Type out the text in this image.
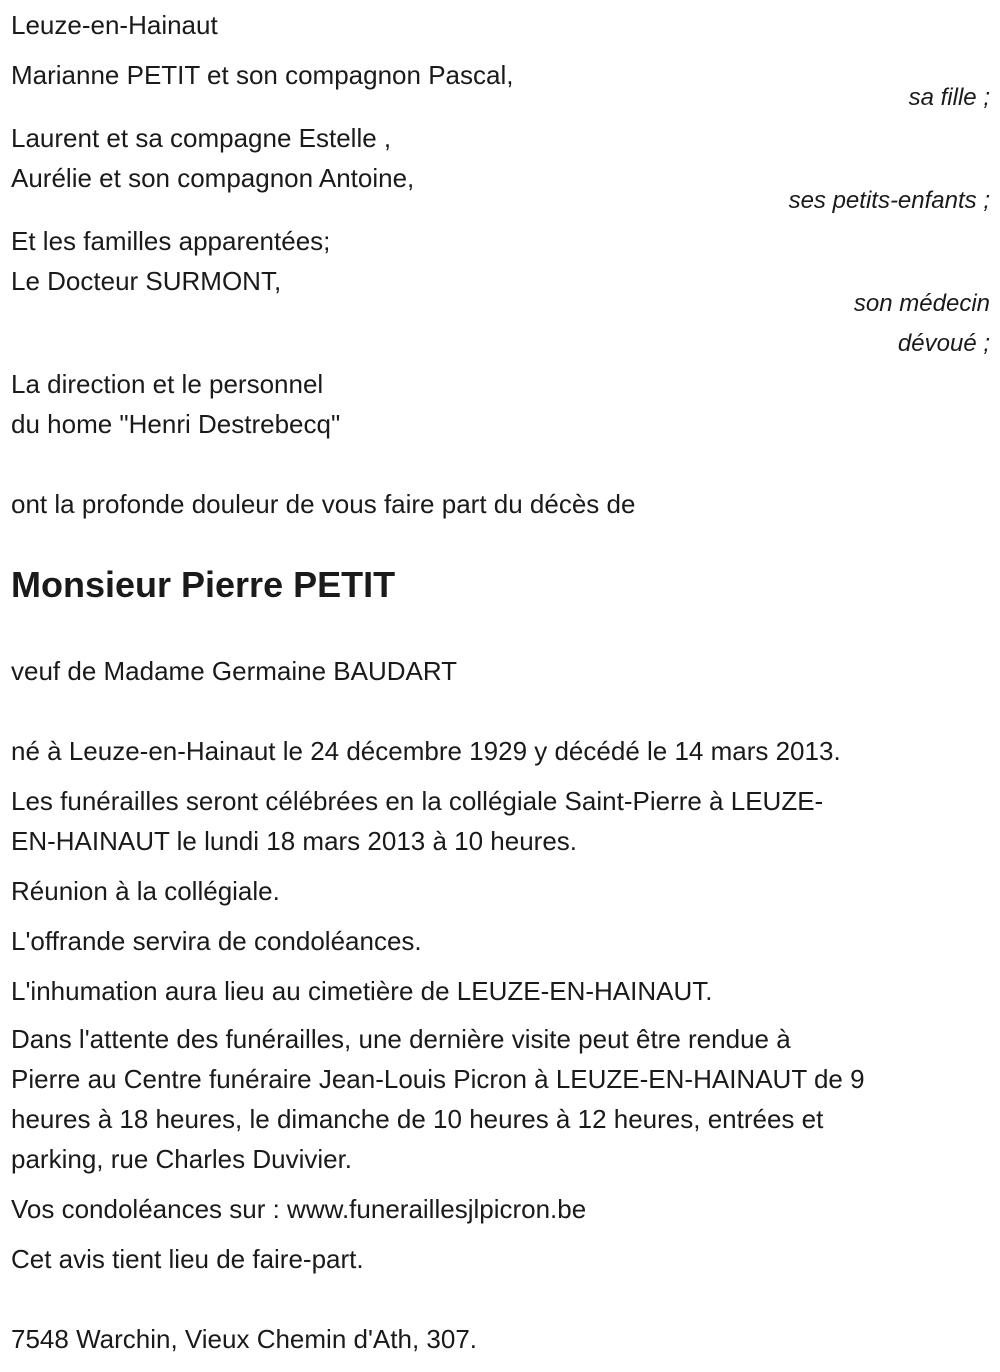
Leuze-en-Hainaut
Marianne PETIT et son compagnon Pascal,
sa fille ;
Laurent et sa compagne Estelle ,
Aurélie et son compagnon Antoine,
ses petits-enfants ;
Et les familles apparentées;
Le Docteur SURMONT,
son médecin
dévoué ;
La direction et le personnel
du home "Henri Destrebecq"
ont la profonde douleur de vous faire part du décès de
Monsieur Pierre PETIT
veuf de Madame Germaine BAUDART
né à Leuze-en-Hainaut le 24 décembre 1929 y décédé le 14 mars 2013.
Les funérailles seront célébrées en la collégiale Saint-Pierre à LEUZE-
EN-HAINAUT le lundi 18 mars 2013 à 10 heures.
Réunion à la collégiale.
L'offrande servira de condoléances.
L'inhumation aura lieu au cimetière de LEUZE-EN-HAINAUT.
Dans l'attente des funérailles, une dernière visite peut être rendue à
Pierre au Centre funéraire Jean-Louis Picron à LEUZE-EN-HAINAUT de 9
heures à 18 heures, le dimanche de 10 heures à 12 heures, entrées et
parking, rue Charles Duvivier.
Vos condoléances sur : www.funeraillesjlpicron.be
Cet avis tient lieu de faire-part.
7548 Warchin, Vieux Chemin d'Ath, 307.
